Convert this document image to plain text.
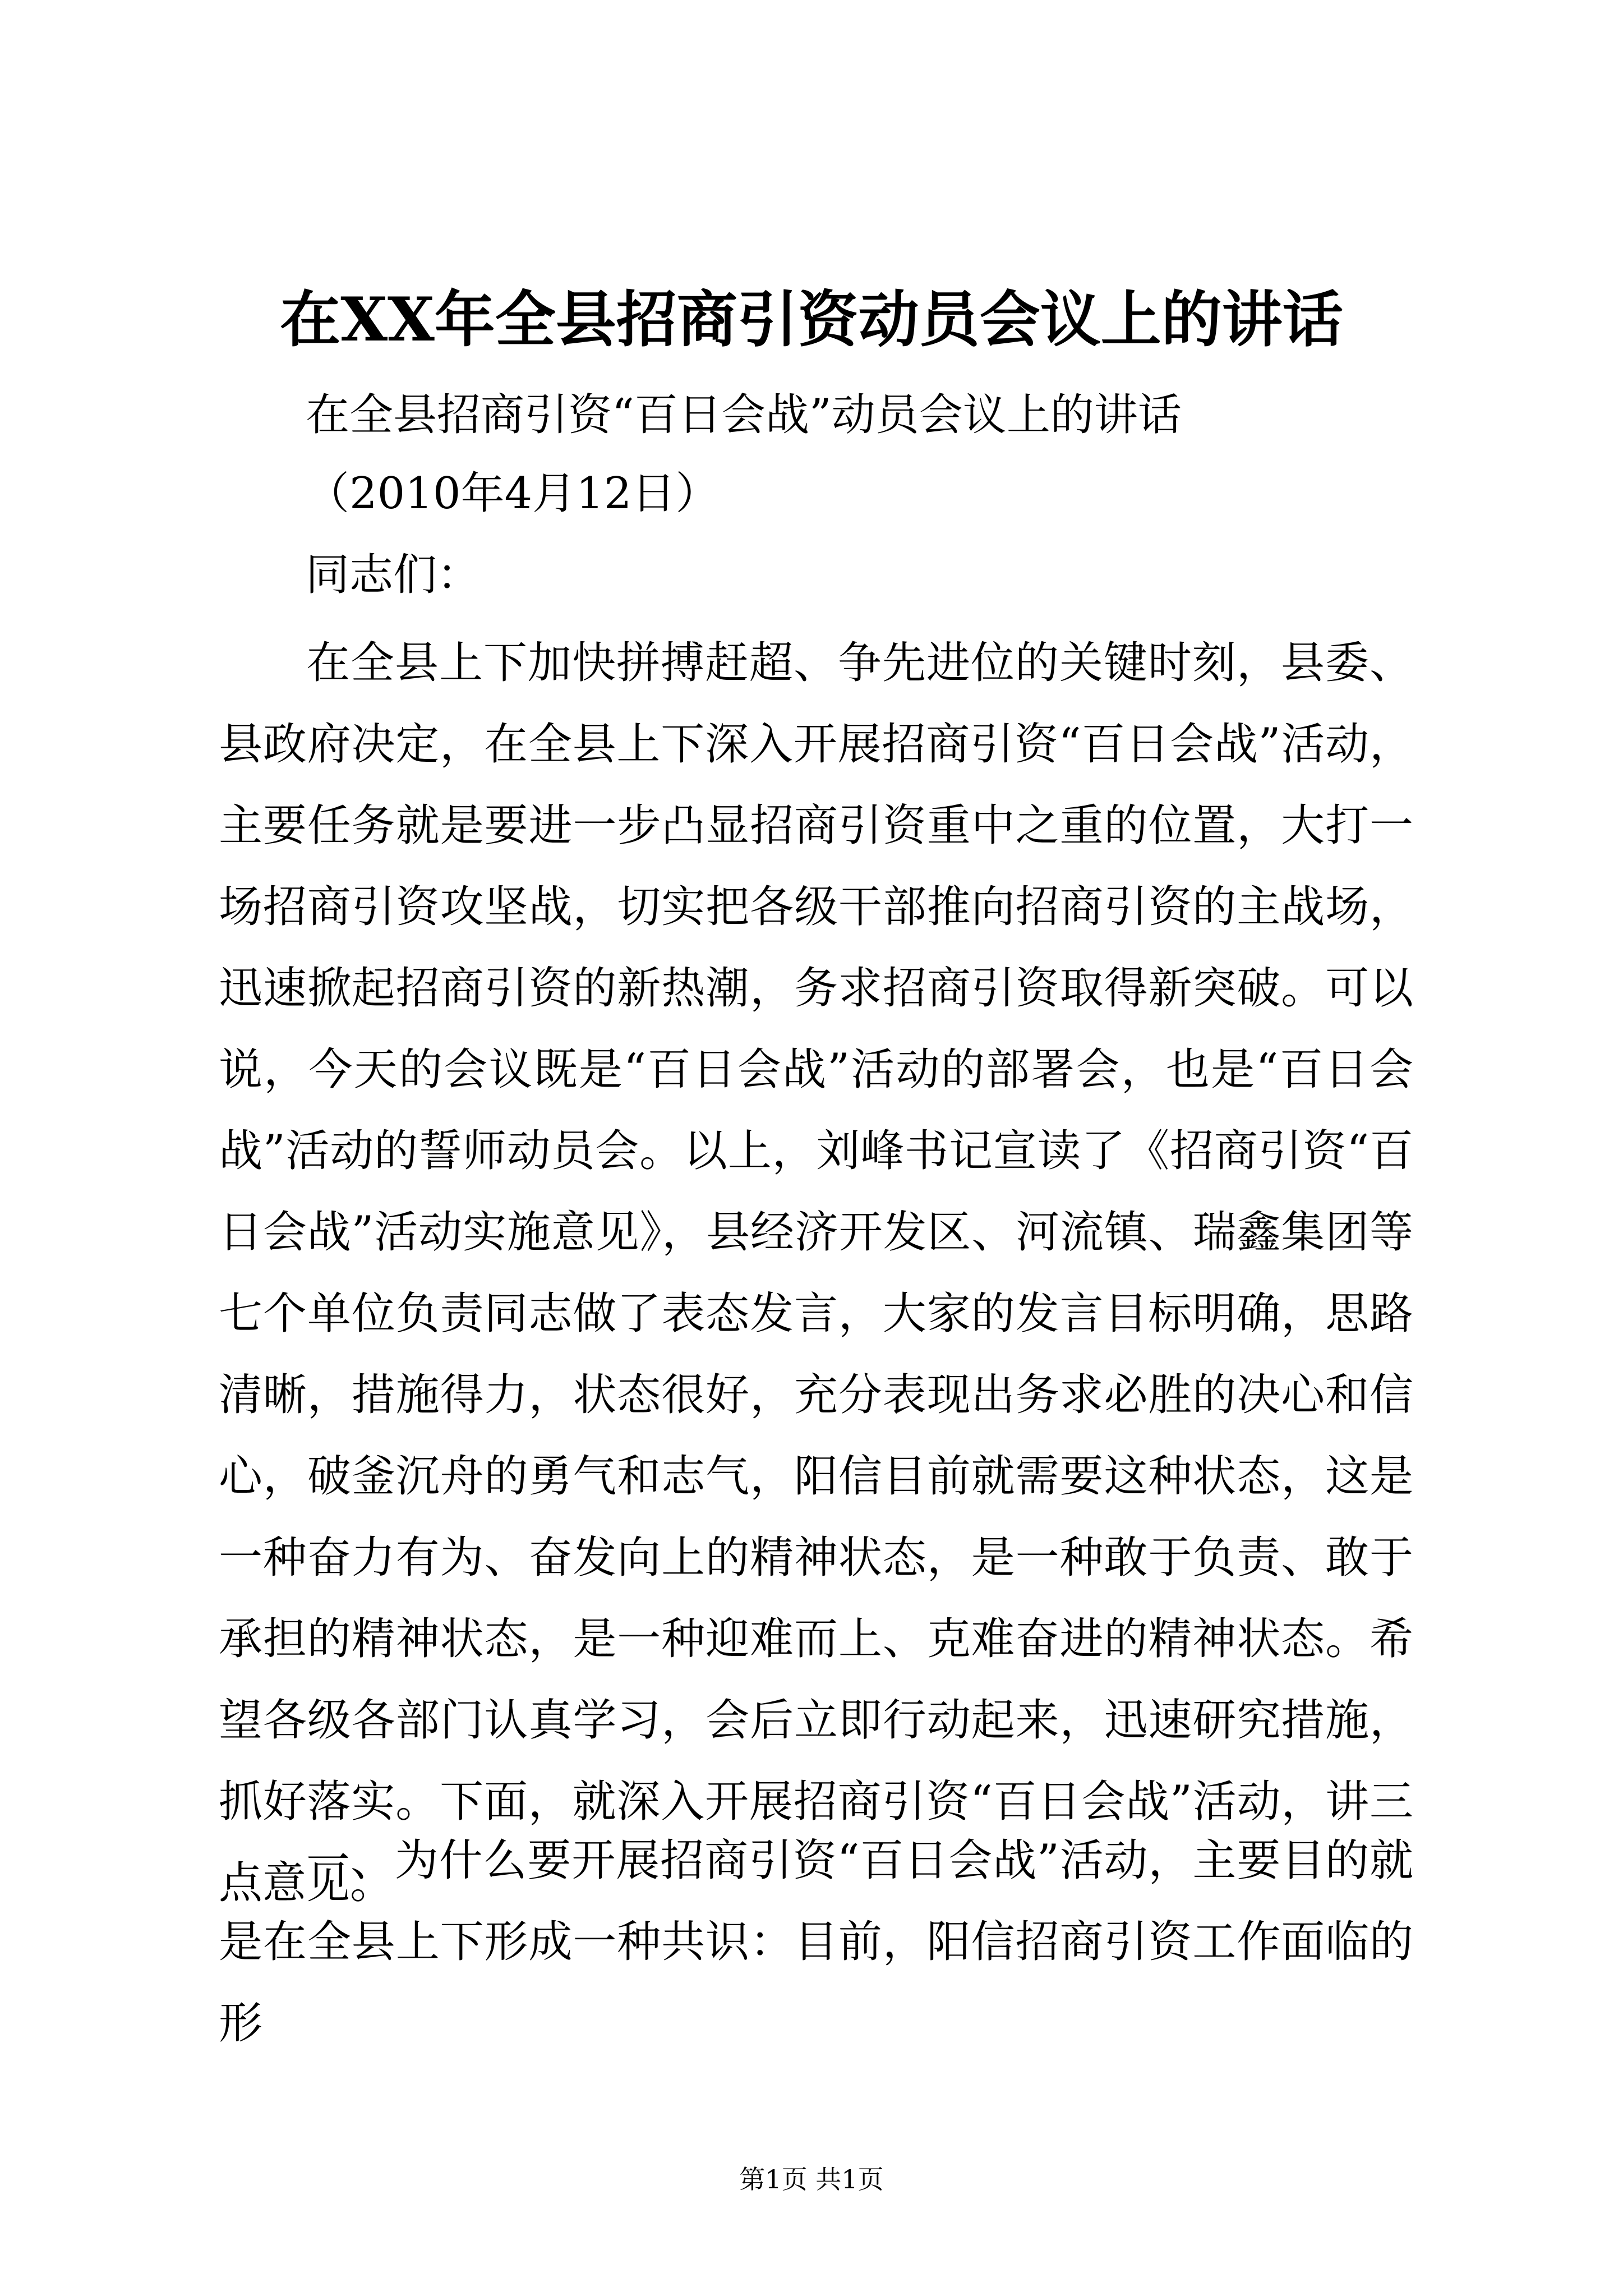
在XX年全县招商引资动员会议上的讲话
在全县招商引资“百日会战”动员会议上的讲话
（2010年4月12日）
同志们：

在全县上下加快拼搏赶超、争先进位的关键时刻，县委、县政府决定，在全县上下深入开展招商引资“百日会战”活动，主要任务就是要进一步凸显招商引资重中之重的位置，大打一场招商引资攻坚战，切实把各级干部推向招商引资的主战场，迅速掀起招商引资的新热潮，务求招商引资取得新突破。可以说，今天的会议既是“百日会战”活动的部署会，也是“百日会战”活动的誓师动员会。以上，刘峰书记宣读了《招商引资“百日会战”活动实施意见》，县经济开发区、河流镇、瑞鑫集团等七个单位负责同志做了表态发言，大家的发言目标明确，思路清晰，措施得力，状态很好，充分表现出务求必胜的决心和信心，破釜沉舟的勇气和志气，阳信目前就需要这种状态，这是一种奋力有为、奋发向上的精神状态，是一种敢于负责、敢于承担的精神状态，是一种迎难而上、克难奋进的精神状态。希望各级各部门认真学习，会后立即行动起来，迅速研究措施，抓好落实。下面，就深入开展招商引资“百日会战”活动，讲三点意见。

一、为什么要开展招商引资“百日会战”活动，主要目的就是在全县上下形成一种共识：目前，阳信招商引资工作面临的形

第1页 共1页
